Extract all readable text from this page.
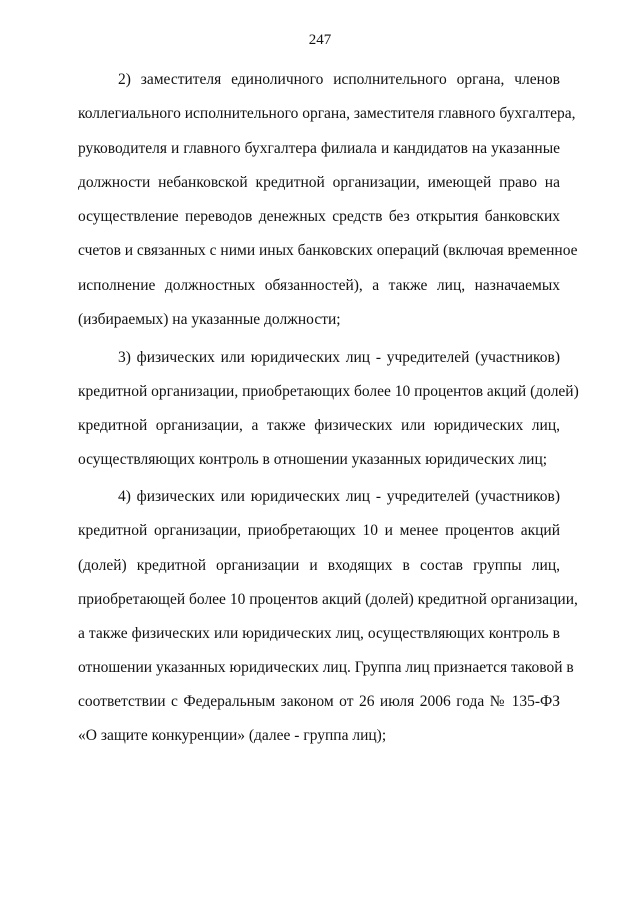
247
2) заместителя единоличного исполнительного органа, членов
коллегиального исполнительного органа, заместителя главного бухгалтера,
руководителя и главного бухгалтера филиала и кандидатов на указанные
должности небанковской кредитной организации, имеющей право на
осуществление переводов денежных средств без открытия банковских
счетов и связанных с ними иных банковских операций (включая временное
исполнение должностных обязанностей), а также лиц, назначаемых
(избираемых) на указанные должности;
3) физических или юридических лиц - учредителей (участников)
кредитной организации, приобретающих более 10 процентов акций (долей)
кредитной организации, а также физических или юридических лиц,
осуществляющих контроль в отношении указанных юридических лиц;
4) физических или юридических лиц - учредителей (участников)
кредитной организации, приобретающих 10 и менее процентов акций
(долей) кредитной организации и входящих в состав группы лиц,
приобретающей более 10 процентов акций (долей) кредитной организации,
а также физических или юридических лиц, осуществляющих контроль в
отношении указанных юридических лиц. Группа лиц признается таковой в
соответствии с Федеральным законом от 26 июля 2006 года № 135-ФЗ
«О защите конкуренции» (далее - группа лиц);
